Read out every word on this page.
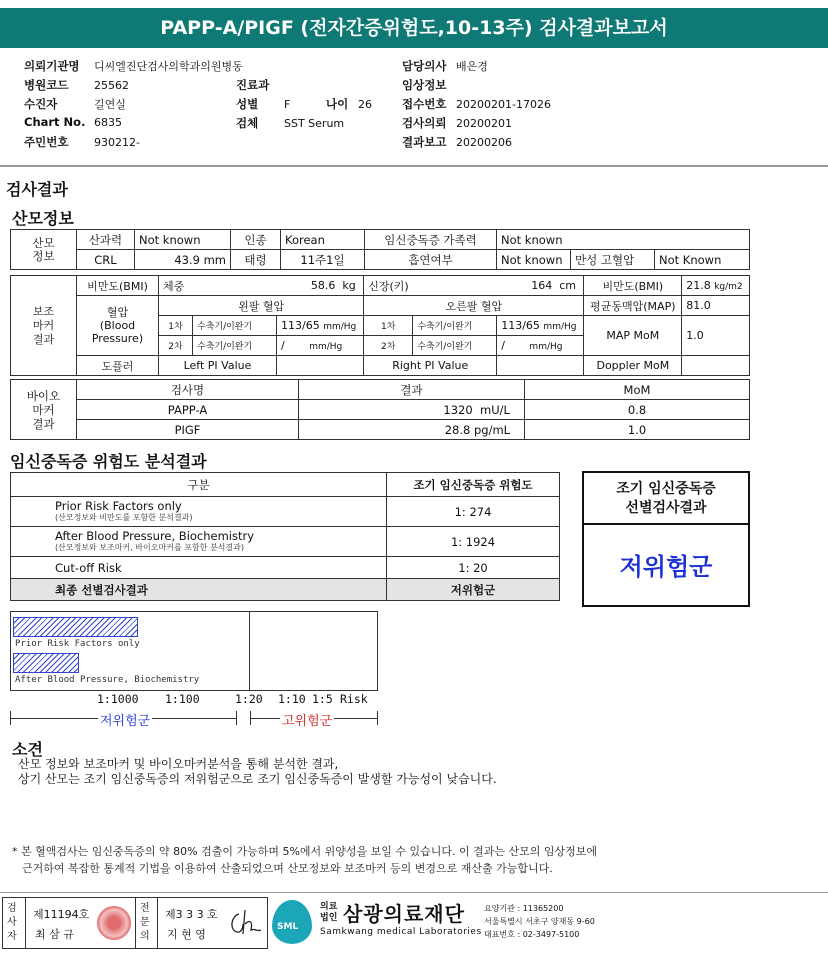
PAPP-A/PIGF (전자간증위험도,10-13주) 검사결과보고서
의뢰기관명 디씨엘진단검사의학과의원병동
병원코드 25562
수진자	길연실
Chart No. 6835
주민번호 930212-
진료과
성별 F	나이 26
검체 SST Serum
담당의사 배은경
임상정보
접수번호 20200201-17026
검사의뢰 20200201
결과보고 20200206
검사결과
산모정보
산모
정보	산과력	Not known	인종	Korean	임신중독증 가족력	Not known		
	CRL	43.9 mm	태령	11주1일	흡연여부	Not known	만성 고혈압	Not Known
보조
마커
결과	비만도(BMI)	체중	58.6 kg		신장(키)	164 cm		비만도(BMI)	21.8 kg/m2
	혈압
(Blood
Pressure)	왼팔 혈압			오른팔 혈압			평균동맥압(MAP)	81.0
		1차	수축기/이완기	113/65 mm/Hg	1차	수축기/이완기	113/65 mm/Hg	MAP MoM	1.0
		2차	수축기/이완기	/ mm/Hg	2차	수축기/이완기	/ mm/Hg		
	도플러	Left PI Value			Right PI Value			Doppler MoM	
바이오
마커
결과	검사명	결과	MoM
	PAPP-A	1320 mU/L	0.8
	PIGF	28.8 pg/mL	1.0
임신중독증 위험도 분석결과
구분	조기 임신중독증 위험도

Prior Risk Factors only
(산모정보와 비만도를 포함한 분석결과)	1: 274

After Blood Pressure, Biochemistry
(산모정보와 보조마커, 바이오마커를 포함한 분석결과)	1: 1924
Cut-off Risk	1: 20
최종 선별검사결과	저위험군
조기 임신중독증
선별검사결과
저위험군
Prior Risk Factors only
After Blood Pressure, Biochemistry
1:1000 1:100	1:20 1:10 1:5 Risk
저위험군	고위험군
소견
산모 정보와 보조마커 및 바이오마커분석을 통해 분석한 결과,
상기 산모는 조기 임신중독증의 저위험군으로 조기 임신중독증이 발생할 가능성이 낮습니다.
* 본 혈액검사는 임신중독증의 약 80% 검출이 가능하며 5%에서 위양성을 보일 수 있습니다. 이 결과는 산모의 임상정보에
근거하여 복잡한 통계적 기법을 이용하여 산출되었으며 산모정보와 보조마커 등의 변경으로 재산출 가능합니다.
검
사
자
제11194호
최 삼 규
전
문
의
제3 3 3 호
지 현 영
SML
의료
법인 삼광의료재단
Samkwang medical Laboratories
요양기관 : 11365200
서울특별시 서초구 양재동 9-60
대표번호 : 02-3497-5100
